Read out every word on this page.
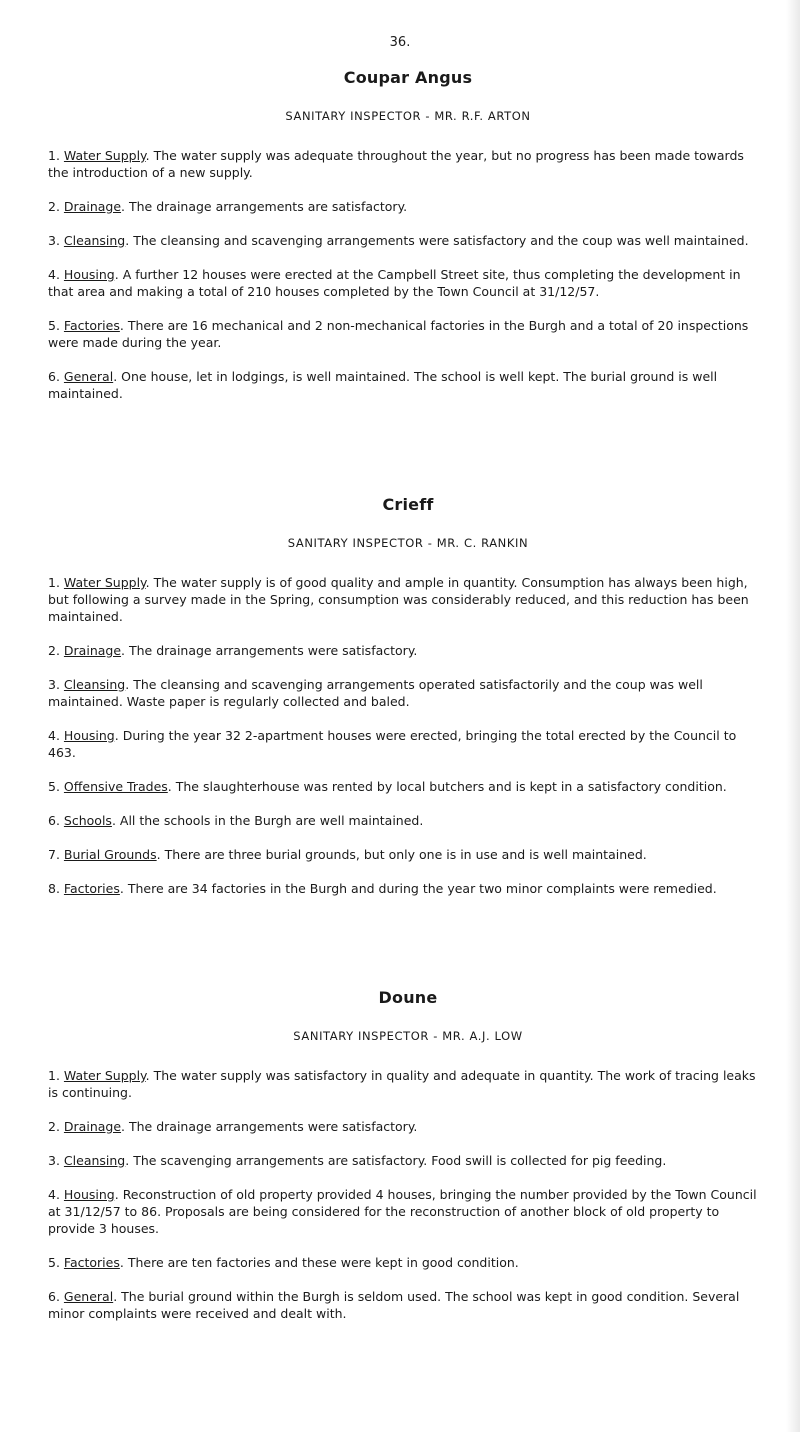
36.
Coupar Angus
SANITARY INSPECTOR - MR. R.F. ARTON

1. Water Supply. The water supply was adequate throughout the year, but no progress has been made towards the introduction of a new supply.

2. Drainage. The drainage arrangements are satisfactory.

3. Cleansing. The cleansing and scavenging arrangements were satisfactory and the coup was well maintained.

4. Housing. A further 12 houses were erected at the Campbell Street site, thus completing the development in that area and making a total of 210 houses completed by the Town Council at 31/12/57.

5. Factories. There are 16 mechanical and 2 non-mechanical factories in the Burgh and a total of 20 inspections were made during the year.

6. General. One house, let in lodgings, is well maintained. The school is well kept. The burial ground is well maintained.

Crieff
SANITARY INSPECTOR - MR. C. RANKIN

1. Water Supply. The water supply is of good quality and ample in quantity. Consumption has always been high, but following a survey made in the Spring, consumption was considerably reduced, and this reduction has been maintained.

2. Drainage. The drainage arrangements were satisfactory.

3. Cleansing. The cleansing and scavenging arrangements operated satisfactorily and the coup was well maintained. Waste paper is regularly collected and baled.

4. Housing. During the year 32 2-apartment houses were erected, bringing the total erected by the Council to 463.

5. Offensive Trades. The slaughterhouse was rented by local butchers and is kept in a satisfactory condition.

6. Schools. All the schools in the Burgh are well maintained.

7. Burial Grounds. There are three burial grounds, but only one is in use and is well maintained.

8. Factories. There are 34 factories in the Burgh and during the year two minor complaints were remedied.

Doune
SANITARY INSPECTOR - MR. A.J. LOW

1. Water Supply. The water supply was satisfactory in quality and adequate in quantity. The work of tracing leaks is continuing.

2. Drainage. The drainage arrangements were satisfactory.

3. Cleansing. The scavenging arrangements are satisfactory. Food swill is collected for pig feeding.

4. Housing. Reconstruction of old property provided 4 houses, bringing the number provided by the Town Council at 31/12/57 to 86. Proposals are being considered for the reconstruction of another block of old property to provide 3 houses.

5. Factories. There are ten factories and these were kept in good condition.

6. General. The burial ground within the Burgh is seldom used. The school was kept in good condition. Several minor complaints were received and dealt with.
